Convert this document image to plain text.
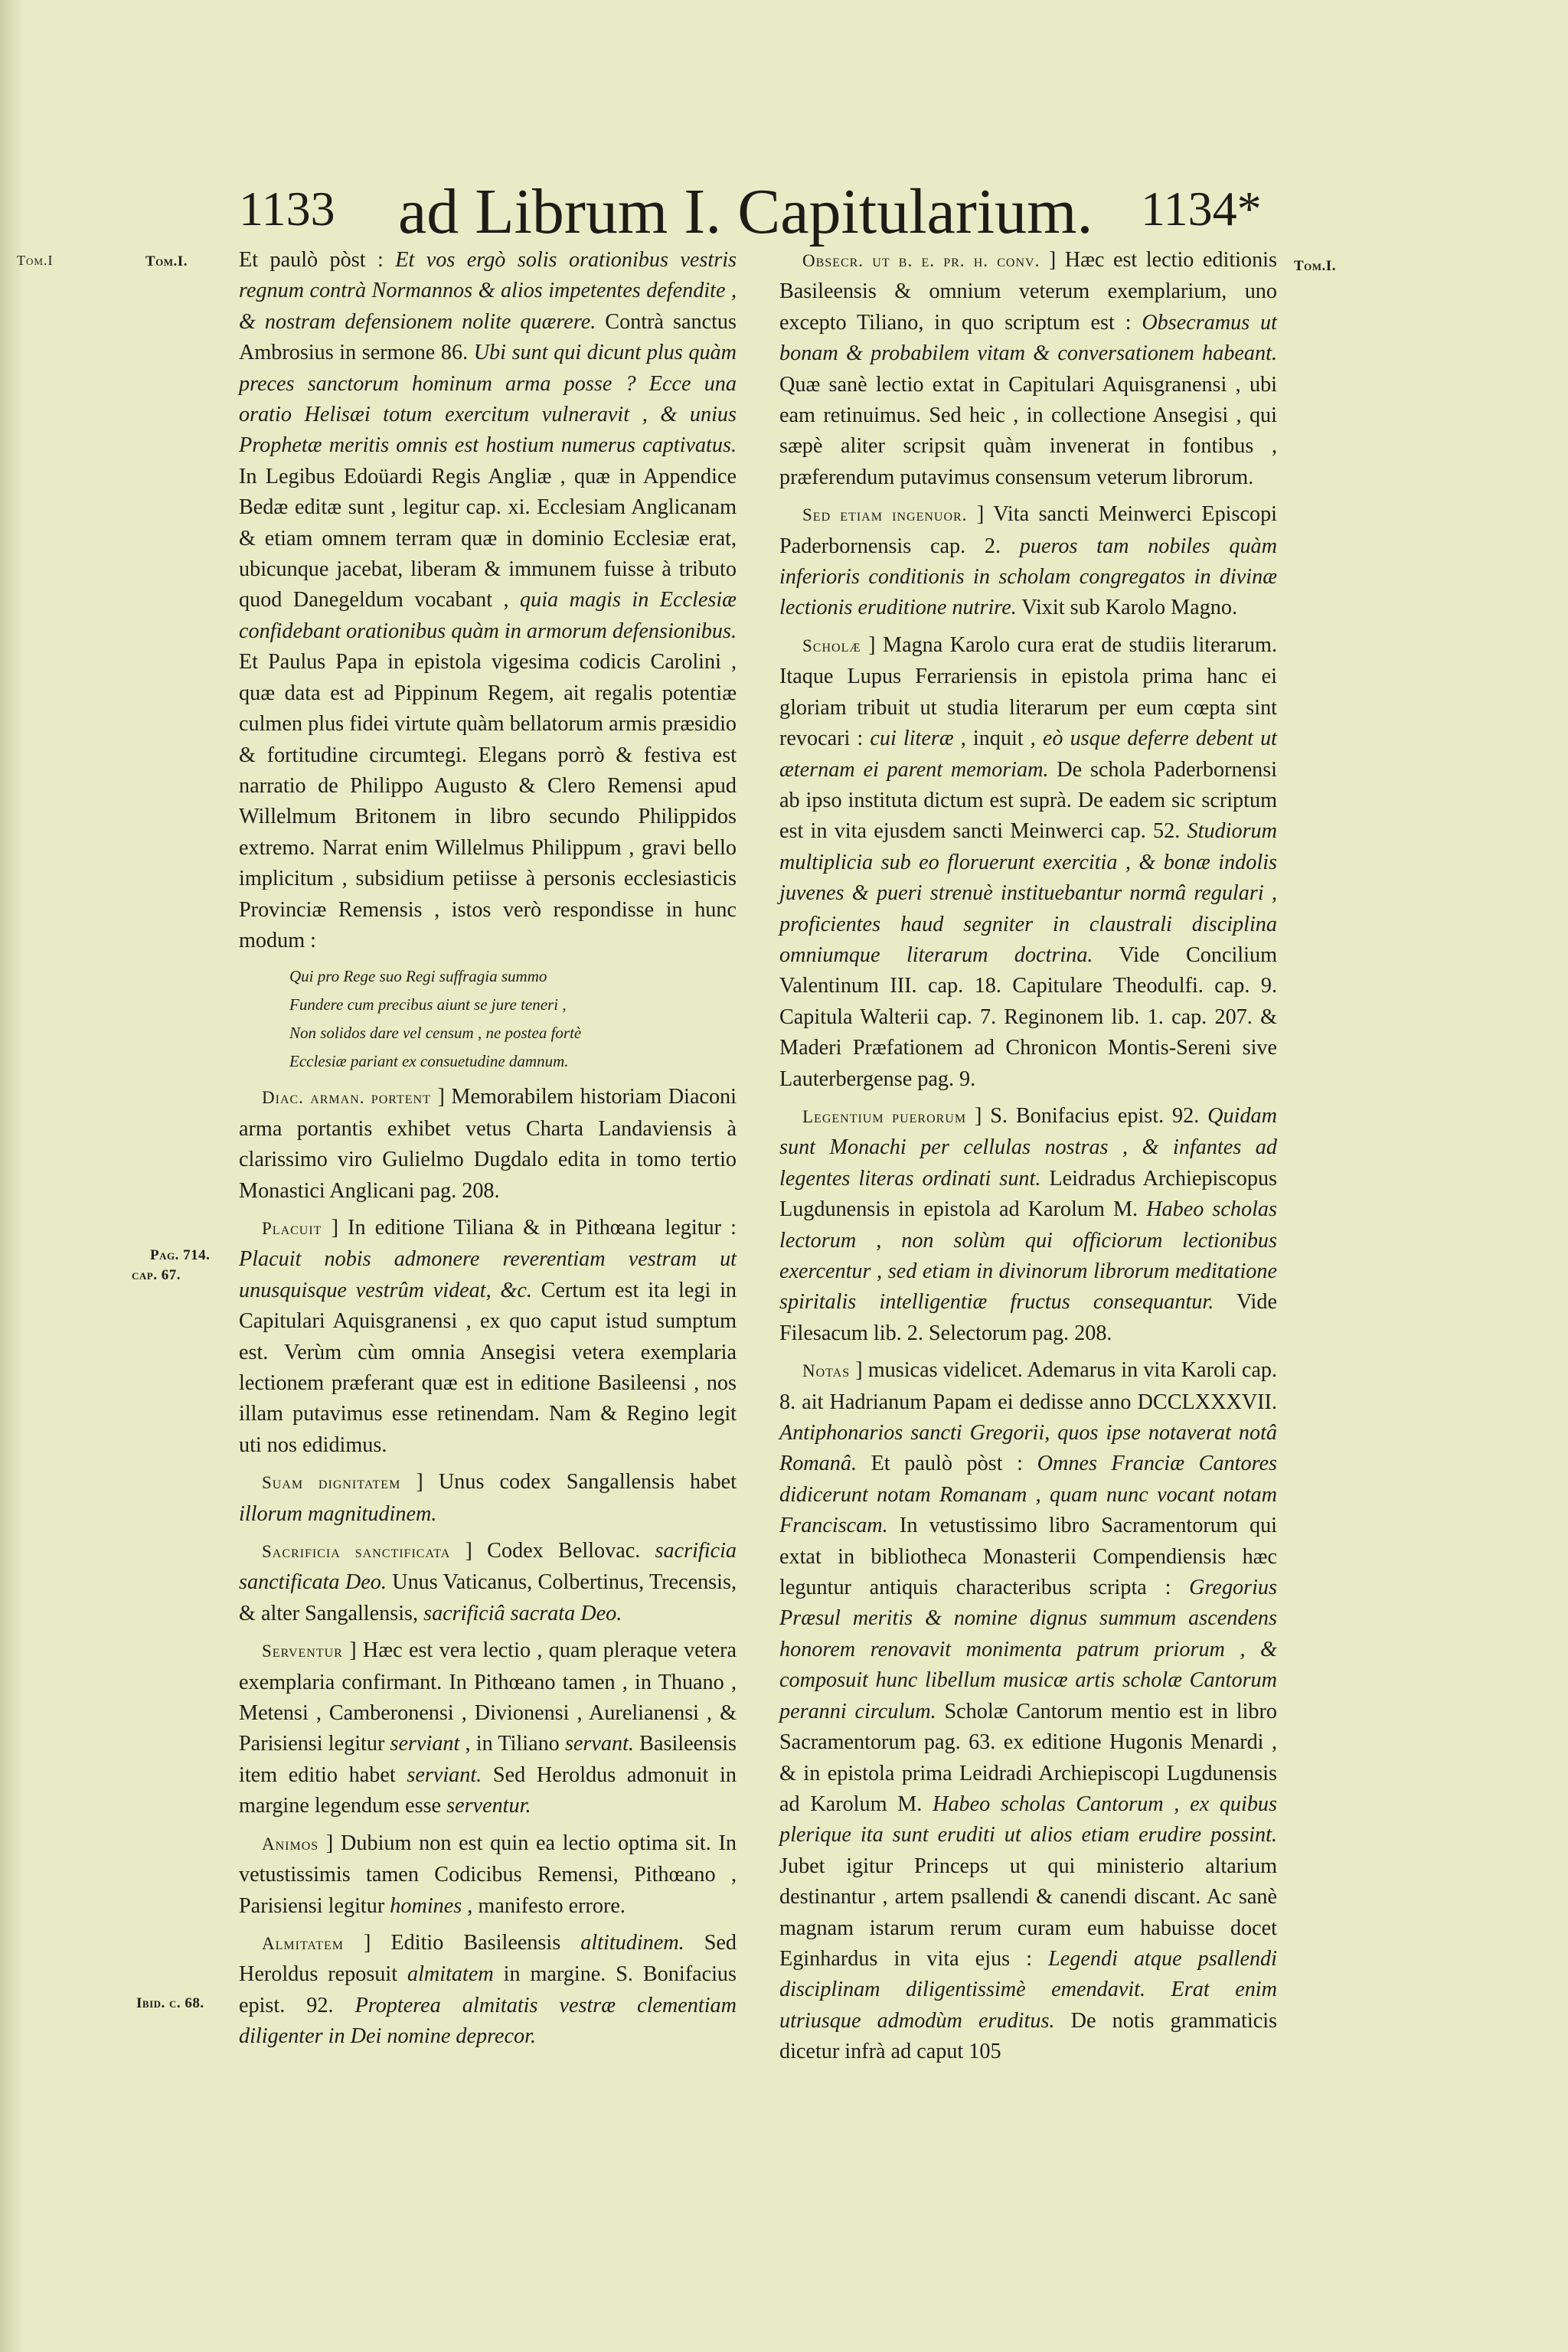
Tom.I
1133 ad Librum I. Capitularium. 1134*
Tom.I.
Pag. 714.
cap. 67.
Ibid. c. 68.
Tom.I.

Et paulò pòst : Et vos ergò solis orationibus vestris regnum contrà Normannos & alios impetentes defendite , & nostram defensionem nolite quærere. Contrà sanctus Ambrosius in sermone 86. Ubi sunt qui dicunt plus quàm preces sanctorum hominum arma posse ? Ecce una oratio Helisæi totum exercitum vulneravit , & unius Prophetæ meritis omnis est hostium numerus captivatus. In Legibus Edoüardi Regis Angliæ , quæ in Appendice Bedæ editæ sunt , legitur cap. xi. Ecclesiam Anglicanam & etiam omnem terram quæ in dominio Ecclesiæ erat, ubicunque jacebat, liberam & immunem fuisse à tributo quod Danegeldum vocabant , quia magis in Ecclesiæ confidebant orationibus quàm in armorum defensionibus. Et Paulus Papa in epistola vigesima codicis Carolini , quæ data est ad Pippinum Regem, ait regalis potentiæ culmen plus fidei virtute quàm bellatorum armis præsidio & fortitudine circumtegi. Elegans porrò & festiva est narratio de Philippo Augusto & Clero Remensi apud Willelmum Britonem in libro secundo Philippidos extremo. Narrat enim Willelmus Philippum , gravi bello implicitum , subsidium petiisse à personis ecclesiasticis Provinciæ Remensis , istos verò respondisse in hunc modum :

Qui pro Rege suo Regi suffragia summo
Fundere cum precibus aiunt se jure teneri ,
Non solidos dare vel censum , ne postea fortè
Ecclesiæ pariant ex consuetudine damnum.

Diac. arman. portent ] Memorabilem historiam Diaconi arma portantis exhibet vetus Charta Landaviensis à clarissimo viro Gulielmo Dugdalo edita in tomo tertio Monastici Anglicani pag. 208.

Placuit ] In editione Tiliana & in Pithœana legitur : Placuit nobis admonere reverentiam vestram ut unusquisque vestrûm videat, &c. Certum est ita legi in Capitulari Aquisgranensi , ex quo caput istud sumptum est. Verùm cùm omnia Ansegisi vetera exemplaria lectionem præferant quæ est in editione Basileensi , nos illam putavimus esse retinendam. Nam & Regino legit uti nos edidimus.

Suam dignitatem ] Unus codex Sangallensis habet illorum magnitudinem.

Sacrificia sanctificata ] Codex Bellovac. sacrificia sanctificata Deo. Unus Vaticanus, Colbertinus, Trecensis, & alter Sangallensis, sacrificiâ sacrata Deo.

Serventur ] Hæc est vera lectio , quam pleraque vetera exemplaria confirmant. In Pithœano tamen , in Thuano , Metensi , Camberonensi , Divionensi , Aurelianensi , & Parisiensi legitur serviant , in Tiliano servant. Basileensis item editio habet serviant. Sed Heroldus admonuit in margine legendum esse serventur.

Animos ] Dubium non est quin ea lectio optima sit. In vetustissimis tamen Codicibus Remensi, Pithœano , Parisiensi legitur homines , manifesto errore.

Almitatem ] Editio Basileensis altitudinem. Sed Heroldus reposuit almitatem in margine. S. Bonifacius epist. 92. Propterea almitatis vestræ clementiam diligenter in Dei nomine deprecor.

Obsecr. ut b. e. pr. h. conv. ] Hæc est lectio editionis Basileensis & omnium veterum exemplarium, uno excepto Tiliano, in quo scriptum est : Obsecramus ut bonam & probabilem vitam & conversationem habeant. Quæ sanè lectio extat in Capitulari Aquisgranensi , ubi eam retinuimus. Sed heic , in collectione Ansegisi , qui sæpè aliter scripsit quàm invenerat in fontibus , præferendum putavimus consensum veterum librorum.

Sed etiam ingenuor. ] Vita sancti Meinwerci Episcopi Paderbornensis cap. 2. pueros tam nobiles quàm inferioris conditionis in scholam congregatos in divinæ lectionis eruditione nutrire. Vixit sub Karolo Magno.

Scholæ ] Magna Karolo cura erat de studiis literarum. Itaque Lupus Ferrariensis in epistola prima hanc ei gloriam tribuit ut studia literarum per eum cœpta sint revocari : cui literæ , inquit , eò usque deferre debent ut æternam ei parent memoriam. De schola Paderbornensi ab ipso instituta dictum est suprà. De eadem sic scriptum est in vita ejusdem sancti Meinwerci cap. 52. Studiorum multiplicia sub eo floruerunt exercitia , & bonæ indolis juvenes & pueri strenuè instituebantur normâ regulari , proficientes haud segniter in claustrali disciplina omniumque literarum doctrina. Vide Concilium Valentinum III. cap. 18. Capitulare Theodulfi. cap. 9. Capitula Walterii cap. 7. Reginonem lib. 1. cap. 207. & Maderi Præfationem ad Chronicon Montis-Sereni sive Lauterbergense pag. 9.

Legentium puerorum ] S. Bonifacius epist. 92. Quidam sunt Monachi per cellulas nostras , & infantes ad legentes literas ordinati sunt. Leidradus Archiepiscopus Lugdunensis in epistola ad Karolum M. Habeo scholas lectorum , non solùm qui officiorum lectionibus exercentur , sed etiam in divinorum librorum meditatione spiritalis intelligentiæ fructus consequantur. Vide Filesacum lib. 2. Selectorum pag. 208.

Notas ] musicas videlicet. Ademarus in vita Karoli cap. 8. ait Hadrianum Papam ei dedisse anno DCCLXXXVII. Antiphonarios sancti Gregorii, quos ipse notaverat notâ Romanâ. Et paulò pòst : Omnes Franciæ Cantores didicerunt notam Romanam , quam nunc vocant notam Franciscam. In vetustissimo libro Sacramentorum qui extat in bibliotheca Monasterii Compendiensis hæc leguntur antiquis characteribus scripta : Gregorius Præsul meritis & nomine dignus summum ascendens honorem renovavit monimenta patrum priorum , & composuit hunc libellum musicæ artis scholæ Cantorum peranni circulum. Scholæ Cantorum mentio est in libro Sacramentorum pag. 63. ex editione Hugonis Menardi , & in epistola prima Leidradi Archiepiscopi Lugdunensis ad Karolum M. Habeo scholas Cantorum , ex quibus plerique ita sunt eruditi ut alios etiam erudire possint. Jubet igitur Princeps ut qui ministerio altarium destinantur , artem psallendi & canendi discant. Ac sanè magnam istarum rerum curam eum habuisse docet Eginhardus in vita ejus : Legendi atque psallendi disciplinam diligentissimè emendavit. Erat enim utriusque admodùm eruditus. De notis grammaticis dicetur infrà ad caput 105
